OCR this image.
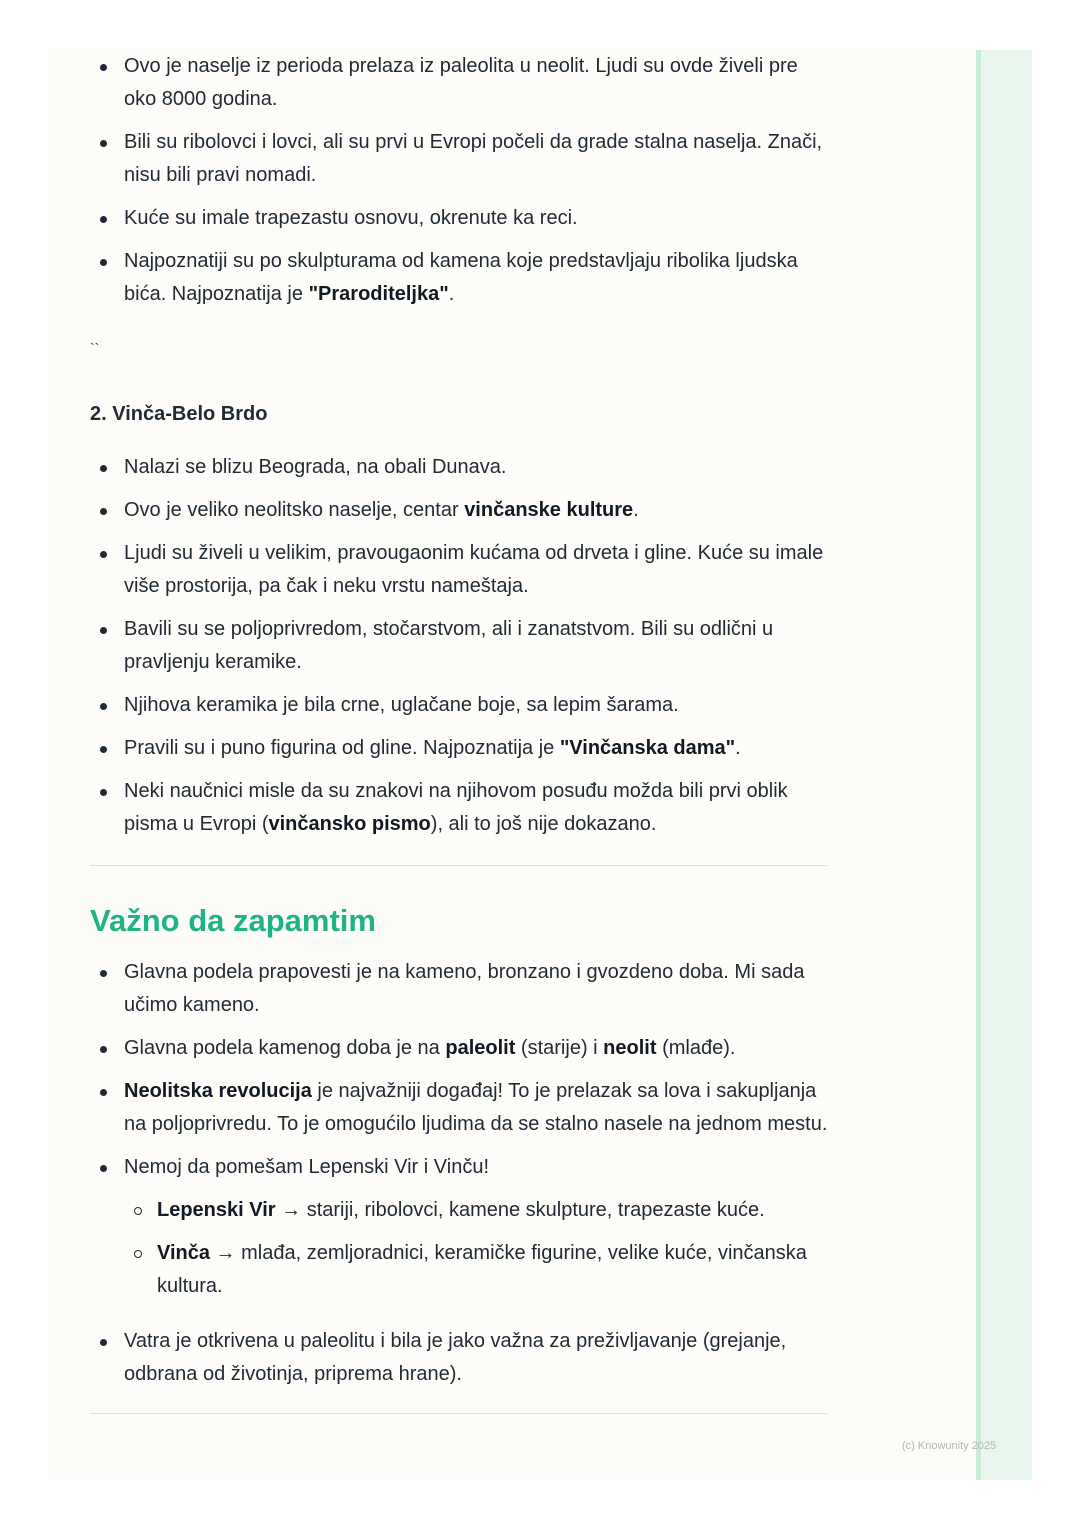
Ovo je naselje iz perioda prelaza iz paleolita u neolit. Ljudi su ovde živeli pre oko 8000 godina.
Bili su ribolovci i lovci, ali su prvi u Evropi počeli da grade stalna naselja. Znači, nisu bili pravi nomadi.
Kuće su imale trapezastu osnovu, okrenute ka reci.
Najpoznatiji su po skulpturama od kamena koje predstavljaju ribolika ljudska bića. Najpoznatija je "Praroditeljka".
``
2. Vinča-Belo Brdo
Nalazi se blizu Beograda, na obali Dunava.
Ovo je veliko neolitsko naselje, centar vinčanske kulture.
Ljudi su živeli u velikim, pravougaonim kućama od drveta i gline. Kuće su imale više prostorija, pa čak i neku vrstu nameštaja.
Bavili su se poljoprivredom, stočarstvom, ali i zanatstvom. Bili su odlični u pravljenju keramike.
Njihova keramika je bila crne, uglačane boje, sa lepim šarama.
Pravili su i puno figurina od gline. Najpoznatija je "Vinčanska dama".
Neki naučnici misle da su znakovi na njihovom posuđu možda bili prvi oblik pisma u Evropi (vinčansko pismo), ali to još nije dokazano.
Važno da zapamtim
Glavna podela prapovesti je na kameno, bronzano i gvozdeno doba. Mi sada učimo kameno.
Glavna podela kamenog doba je na paleolit (starije) i neolit (mlađe).
Neolitska revolucija je najvažniji događaj! To je prelazak sa lova i sakupljanja na poljoprivredu. To je omogućilo ljudima da se stalno nasele na jednom mestu.
Nemoj da pomešam Lepenski Vir i Vinču!
Lepenski Vir → stariji, ribolovci, kamene skulpture, trapezaste kuće.
Vinča → mlađa, zemljoradnici, keramičke figurine, velike kuće, vinčanska kultura.
Vatra je otkrivena u paleolitu i bila je jako važna za preživljavanje (grejanje, odbrana od životinja, priprema hrane).
(c) Knowunity 2025
